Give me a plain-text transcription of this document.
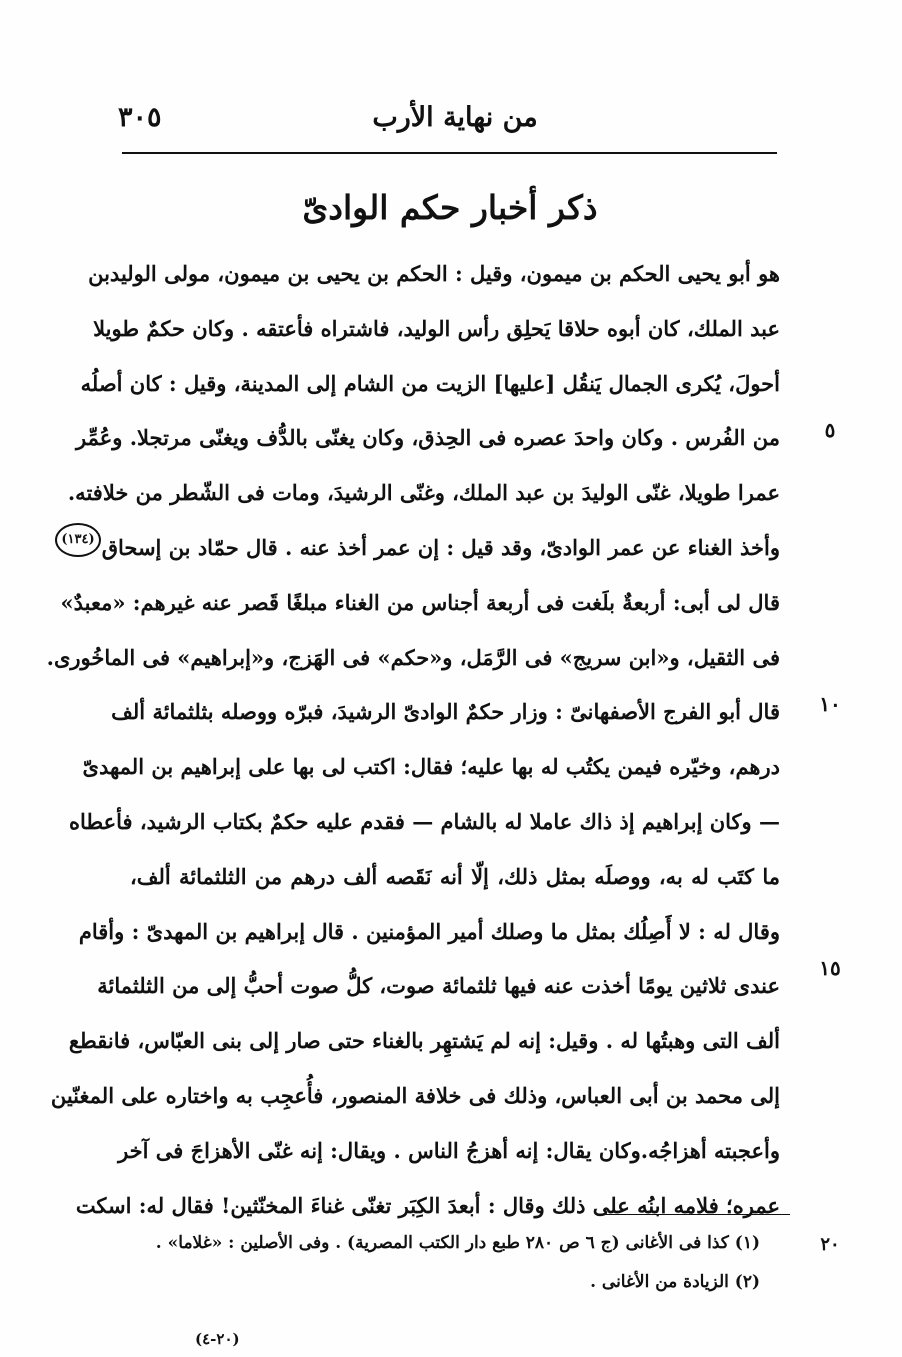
من نهاية الأرب
٣٠٥
ذكر أخبار حكم الوادىّ
هو أبو يحيى الحكم بن ميمون، وقيل : الحكم بن يحيى بن ميمون، مولى الوليدبن
عبد الملك، كان أبوه حلاقا يَحلِق رأس الوليد، فاشتراه فأعتقه . وكان حكمٌ طويلا
أحولَ، يُكرى الجمال يَنقُل [عليها] الزيت من الشام إلى المدينة، وقيل : كان أصلُه
من الفُرس . وكان واحدَ عصره فى الحِذق، وكان يغنّى بالدُّف ويغنّى مرتجلا. وعُمِّر
عمرا طويلا، غنّى الوليدَ بن عبد الملك، وغنّى الرشيدَ، ومات فى الشّطر من خلافته.
وأخذ الغناء عن عمر الوادىّ، وقد قيل : إن عمر أخذ عنه . قال حمّاد بن إسحاق
قال لى أبى: أربعةٌ بلَغت فى أربعة أجناس من الغناء مبلغًا قَصر عنه غيرهم: «معبدٌ»
فى الثقيل، و«ابن سريج» فى الرَّمَل، و«حكم» فى الهَزج، و«إبراهيم» فى الماخُورى.
قال أبو الفرج الأصفهانىّ : وزار حكمٌ الوادىّ الرشيدَ، فبرّه ووصله بثلثمائة ألف
درهم، وخيّره فيمن يكتُب له بها عليه؛ فقال: اكتب لى بها على إبراهيم بن المهدىّ
— وكان إبراهيم إذ ذاك عاملا له بالشام — فقدم عليه حكمٌ بكتاب الرشيد، فأعطاه
ما كتَب له به، ووصلَه بمثل ذلك، إلّا أنه نَقَصه ألف درهم من الثلثمائة ألف،
وقال له : لا أَصِلُك بمثل ما وصلك أمير المؤمنين . قال إبراهيم بن المهدىّ : وأقام
عندى ثلاثين يومًا أخذت عنه فيها ثلثمائة صوت، كلُّ صوت أحبُّ إلى من الثلثمائة
ألف التى وهبتُها له . وقيل: إنه لم يَشتهِر بالغناء حتى صار إلى بنى العبّاس، فانقطع
إلى محمد بن أبى العباس، وذلك فى خلافة المنصور، فأُعجِب به واختاره على المغنّين
وأعجبته أهزاجُه.وكان يقال: إنه أهزجُ الناس . ويقال: إنه غنّى الأهزاجَ فى آخر
عمره؛ فلامه ابنُه على ذلك وقال : أبعدَ الكِبَر تغنّى غناءَ المخنّثين! فقال له: اسكت
٥
١٠
١٥
(١٣٤)
(١) كذا فى الأغانى (ج ٦ ص ٢٨٠ طبع دار الكتب المصرية) . وفى الأصلين : «غلاما» .
(٢) الزيادة من الأغانى .
٢٠
(٢٠-٤)
